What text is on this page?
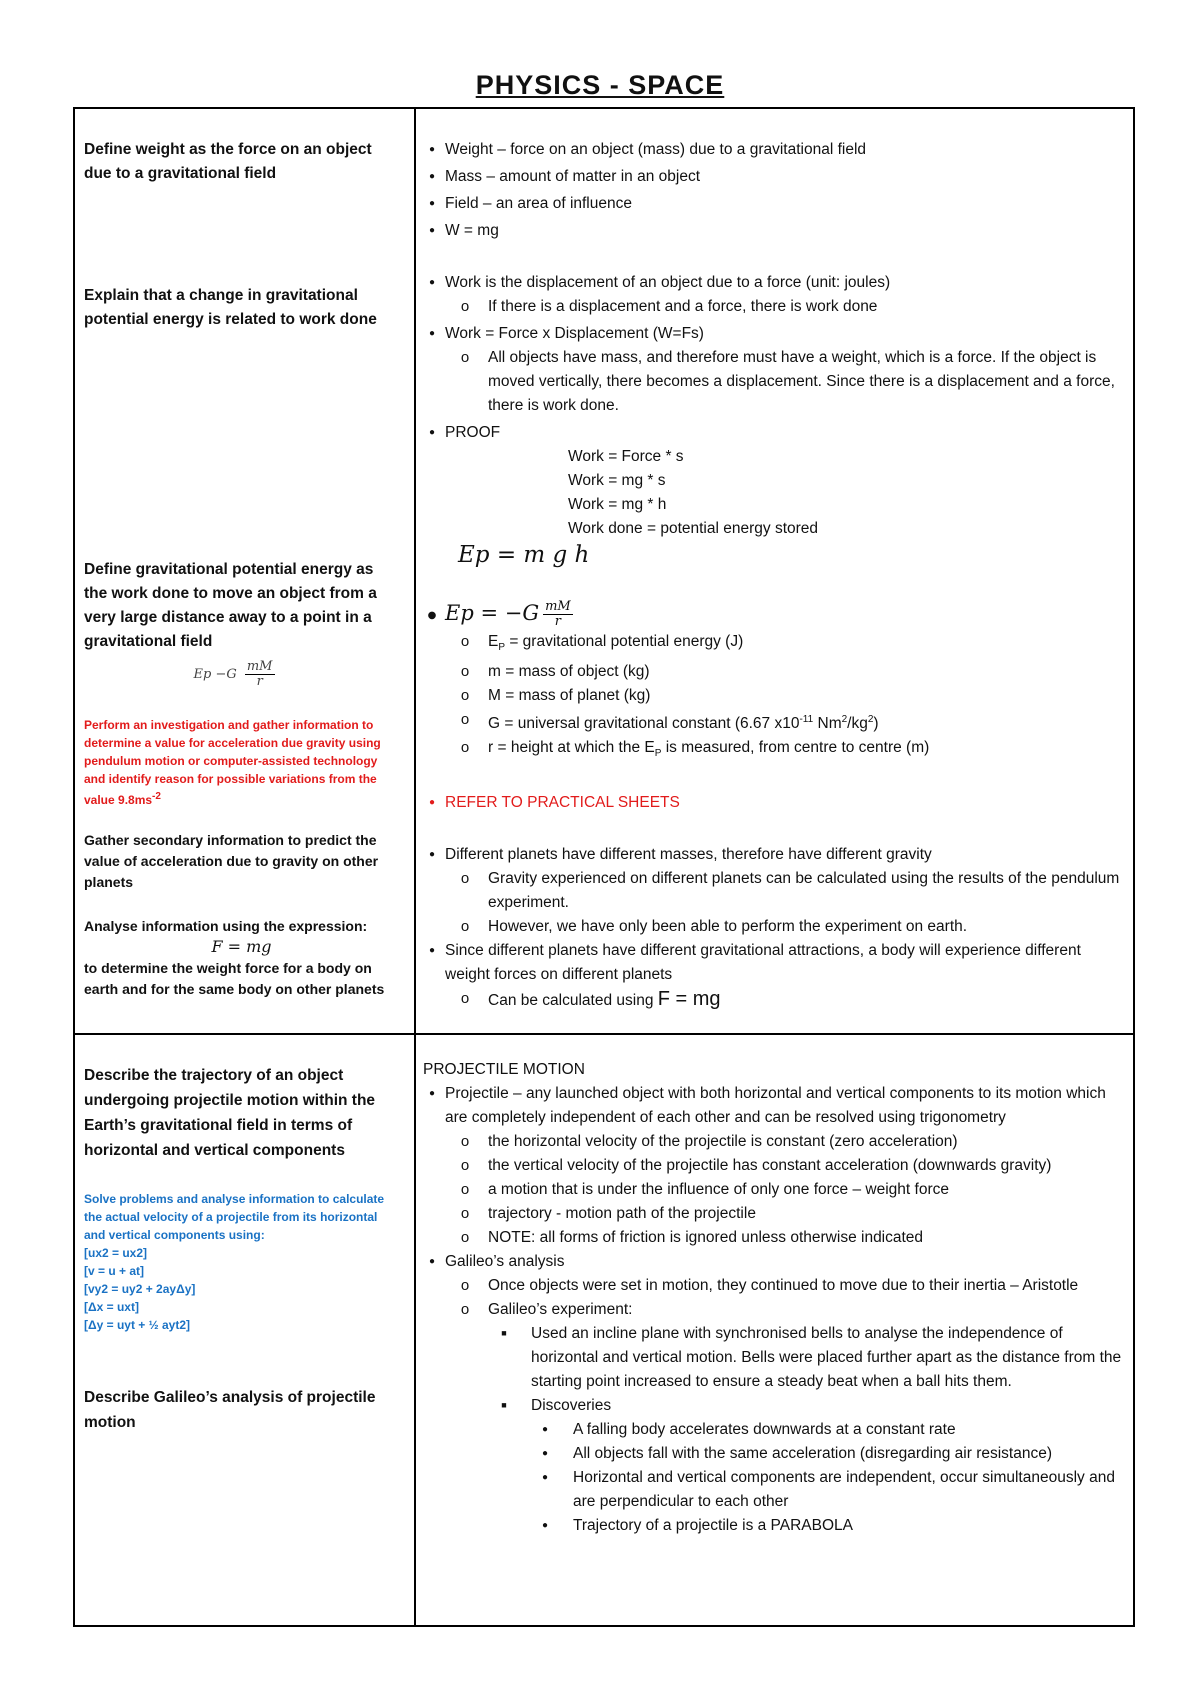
PHYSICS - SPACE
Define weight as the force on an object due to a gravitational field
Explain that a change in gravitational potential energy is related to work done
Define gravitational potential energy as the work done to move an object from a very large distance away to a point in a gravitational field
$Ep -G \frac{mM}{r}$
Perform an investigation and gather information to determine a value for acceleration due gravity using pendulum motion or computer-assisted technology and identify reason for possible variations from the value $9.8ms^{-2}$
Gather secondary information to predict the value of acceleration due to gravity on other planets
Analyse information using the expression:
F = mg
to determine the weight force for a body on earth and for the same body on other planets
Describe the trajectory of an object undergoing projectile motion within the Earth’s gravitational field in terms of horizontal and vertical components
Solve problems and analyse information to calculate the actual velocity of a projectile from its horizontal and vertical components using:
[ux2 = ux2]
[v = u + at]
[vy2 = uy2 + 2ayΔy]
[Δx = uxt]
[Δy = uyt + ½ ayt2]
Describe Galileo’s analysis of projectile motion

●
Weight – force on an object (mass) due to a gravitational field

●
Mass – amount of matter in an object

●
Field – an area of influence

●
W = mg

●
Work is the displacement of an object due to a force (unit: joules)

o
If there is a displacement and a force, there is work done

●
Work = Force x Displacement (W=Fs)

o
All objects have mass, and therefore must have a weight, which is a force. If the object is moved vertically, there becomes a displacement. Since there is a displacement and a force, there is work done.

●
PROOF

Work = Force * s
Work = mg * s
Work = mg * h
Work done = potential energy stored
Ep = m g h

●
$Ep = -G \frac{mM}{r}$

o
$E_P$ = gravitational potential energy (J)

o
m = mass of object (kg)

o
M = mass of planet (kg)

o
G = universal gravitational constant (6.67 $x10^{-11}$ $Nm^2/kg^2$)

o
r = height at which the $E_P$ is measured, from centre to centre (m)

●
REFER TO PRACTICAL SHEETS

●
Different planets have different masses, therefore have different gravity

o
Gravity experienced on different planets can be calculated using the results of the pendulum experiment.

o
However, we have only been able to perform the experiment on earth.

●
Since different planets have different gravitational attractions, a body will experience different weight forces on different planets

o
Can be calculated using F = mg

PROJECTILE MOTION

●
Projectile – any launched object with both horizontal and vertical components to its motion which are completely independent of each other and can be resolved using trigonometry

o
the horizontal velocity of the projectile is constant (zero acceleration)

o
the vertical velocity of the projectile has constant acceleration (downwards gravity)

o
a motion that is under the influence of only one force – weight force

o
trajectory - motion path of the projectile

o
NOTE: all forms of friction is ignored unless otherwise indicated

●
Galileo’s analysis

o
Once objects were set in motion, they continued to move due to their inertia – Aristotle

o
Galileo’s experiment:

■
Used an incline plane with synchronised bells to analyse the independence of horizontal and vertical motion. Bells were placed further apart as the distance from the starting point increased to ensure a steady beat when a ball hits them.

■
Discoveries

●
A falling body accelerates downwards at a constant rate

●
All objects fall with the same acceleration (disregarding air resistance)

●
Horizontal and vertical components are independent, occur simultaneously and are perpendicular to each other

●
Trajectory of a projectile is a PARABOLA
